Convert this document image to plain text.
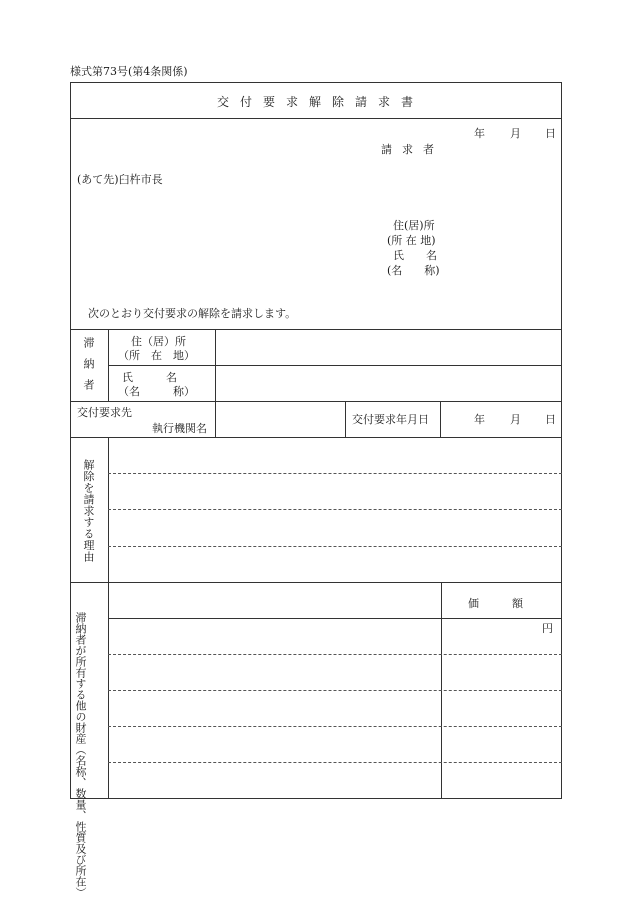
様式第73号(第4条関係)
交付要求解除請求書
年 月 日
請求者
(あて先)臼杵市長
住(居)所
(所 在 地)
氏　　名
(名　　称)
次のとおり交付要求の解除を請求します。
滞納者	住（居）所
（所　在　地）
氏　　　名
（名　　　称）
交付要求先
執行機関名
交付要求年月日	年 月 日
解除を請求する理由
滞納者が所有する他の財産（名称、数量、性質及び所在）
価　　　額
円
